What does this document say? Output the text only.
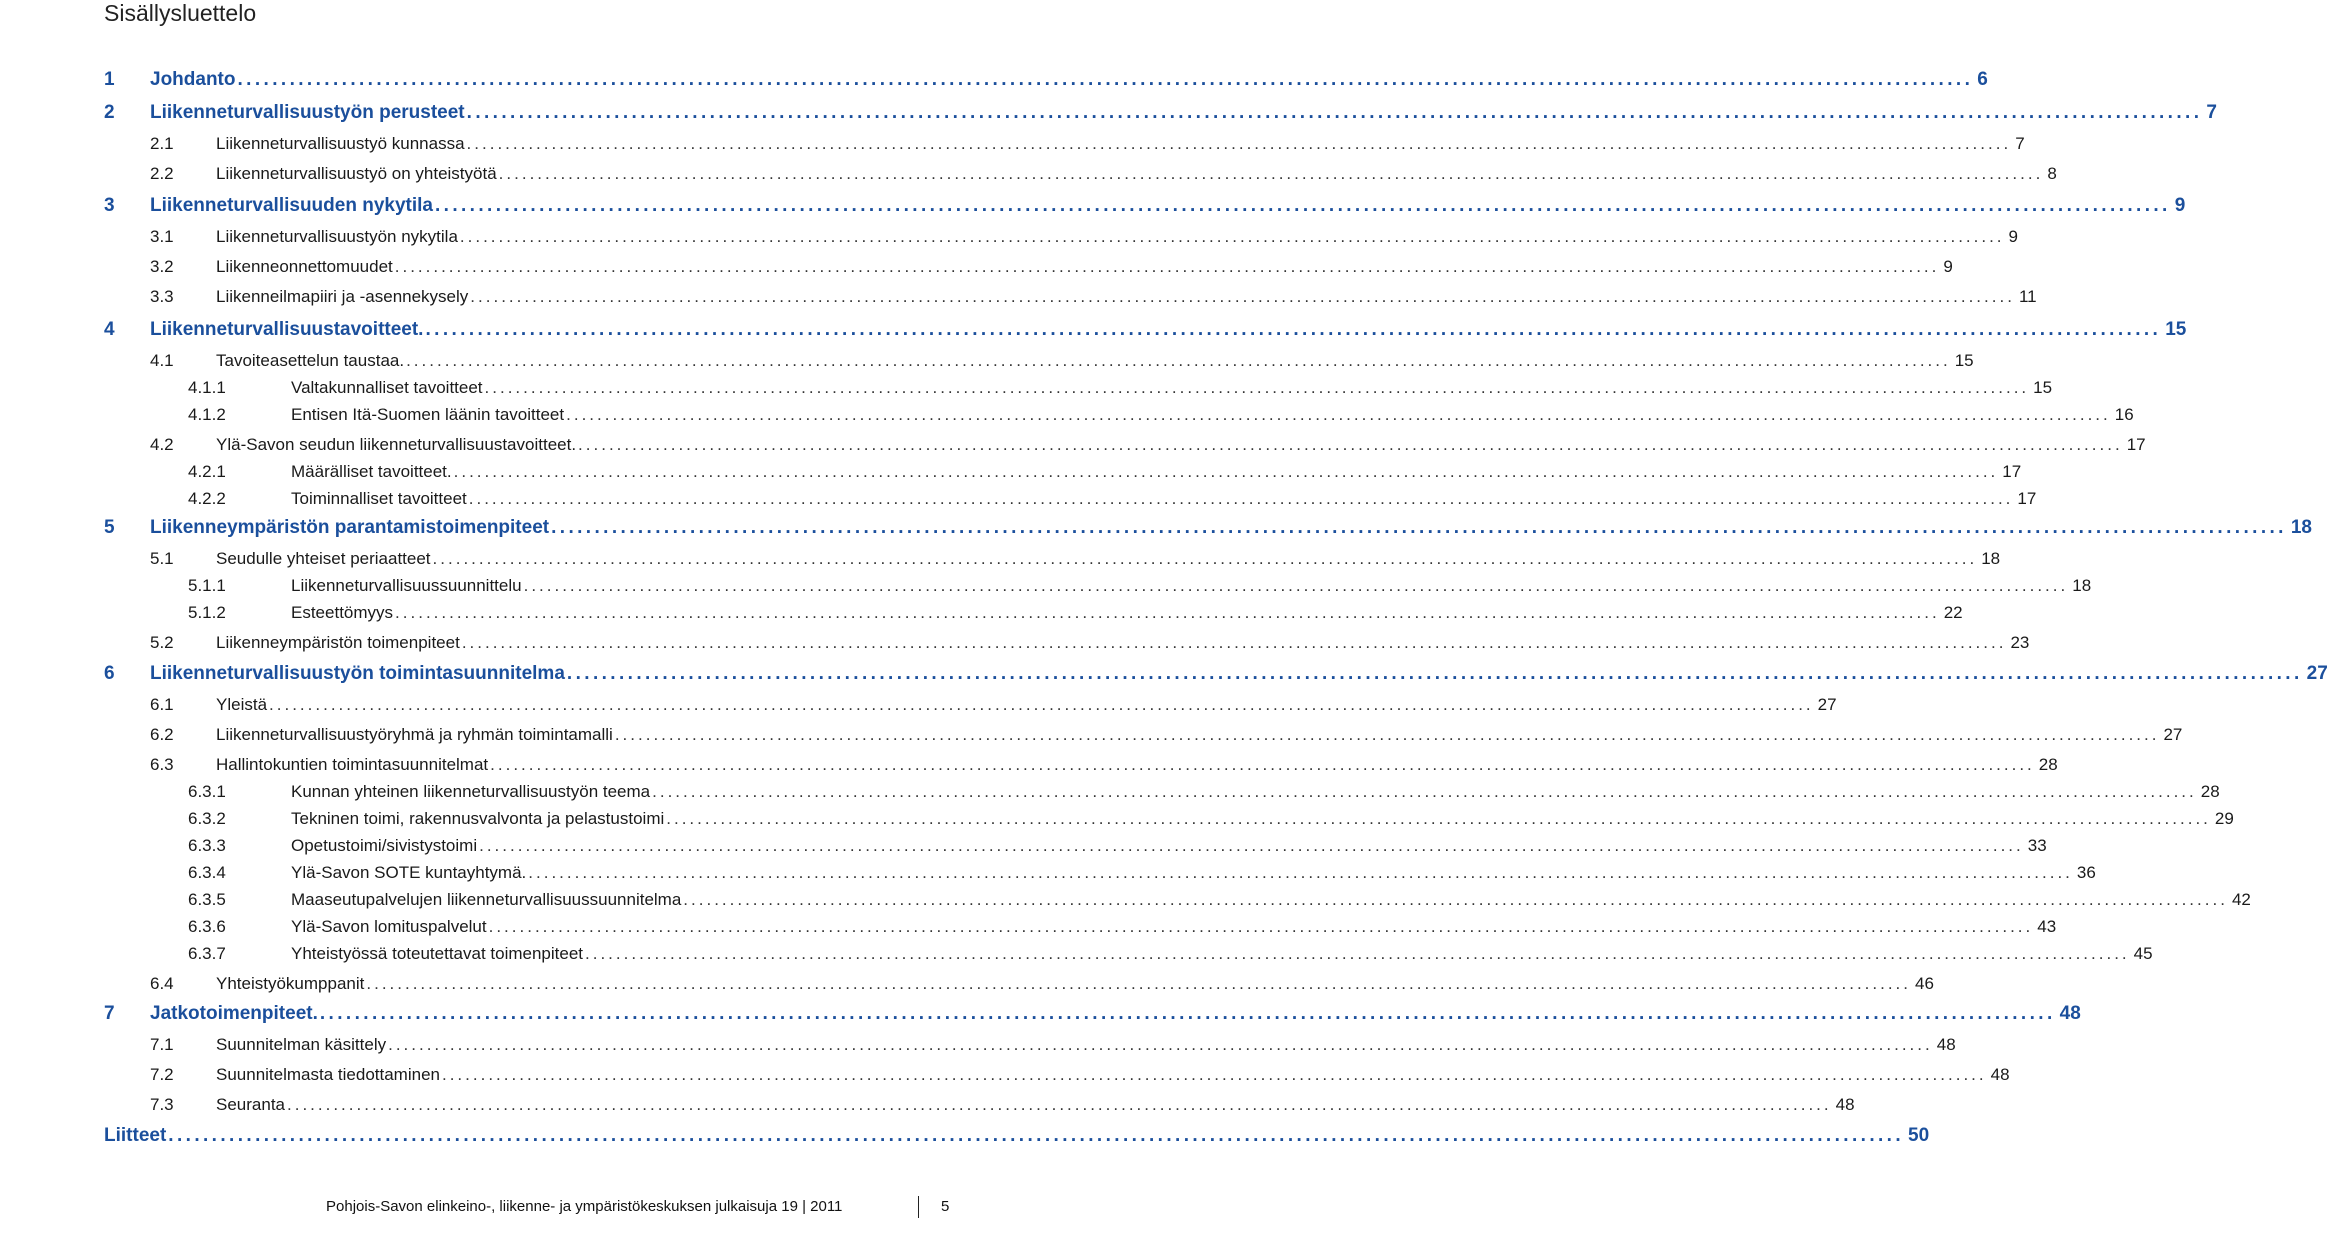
Sisällysluettelo
1 Johdanto ........................................................................................................................................................................................................ 6
2 Liikenneturvallisuustyön perusteet ........................................................................................................................................................................................................ 7
2.1 Liikenneturvallisuustyö kunnassa ........................................................................................................................................................................................................ 7
2.2 Liikenneturvallisuustyö on yhteistyötä ........................................................................................................................................................................................................ 8
3 Liikenneturvallisuuden nykytila ........................................................................................................................................................................................................ 9
3.1 Liikenneturvallisuustyön nykytila ........................................................................................................................................................................................................ 9
3.2 Liikenneonnettomuudet ........................................................................................................................................................................................................ 9
3.3 Liikenneilmapiiri ja -asennekysely ........................................................................................................................................................................................................ 11
4 Liikenneturvallisuustavoitteet. ........................................................................................................................................................................................................ 15
4.1 Tavoiteasettelun taustaa. ........................................................................................................................................................................................................ 15
4.1.1	Valtakunnalliset tavoitteet ........................................................................................................................................................................................................ 15
4.1.2	Entisen Itä-Suomen läänin tavoitteet ........................................................................................................................................................................................................ 16
4.2 Ylä-Savon seudun liikenneturvallisuustavoitteet. ........................................................................................................................................................................................................ 17
4.2.1	Määrälliset tavoitteet. ........................................................................................................................................................................................................ 17
4.2.2	Toiminnalliset tavoitteet ........................................................................................................................................................................................................ 17
5 Liikenneympäristön parantamistoimenpiteet ........................................................................................................................................................................................................ 18
5.1 Seudulle yhteiset periaatteet ........................................................................................................................................................................................................ 18
5.1.1	Liikenneturvallisuussuunnittelu ........................................................................................................................................................................................................ 18
5.1.2	Esteettömyys ........................................................................................................................................................................................................ 22
5.2 Liikenneympäristön toimenpiteet ........................................................................................................................................................................................................ 23
6 Liikenneturvallisuustyön toimintasuunnitelma ........................................................................................................................................................................................................ 27
6.1 Yleistä ........................................................................................................................................................................................................ 27
6.2 Liikenneturvallisuustyöryhmä ja ryhmän toimintamalli ........................................................................................................................................................................................................ 27
6.3 Hallintokuntien toimintasuunnitelmat ........................................................................................................................................................................................................ 28
6.3.1	Kunnan yhteinen liikenneturvallisuustyön teema ........................................................................................................................................................................................................ 28
6.3.2	Tekninen toimi, rakennusvalvonta ja pelastustoimi ........................................................................................................................................................................................................ 29
6.3.3	Opetustoimi/sivistystoimi ........................................................................................................................................................................................................ 33
6.3.4	Ylä-Savon SOTE kuntayhtymä. ........................................................................................................................................................................................................ 36
6.3.5	Maaseutupalvelujen liikenneturvallisuussuunnitelma ........................................................................................................................................................................................................ 42
6.3.6	Ylä-Savon lomituspalvelut ........................................................................................................................................................................................................ 43
6.3.7	Yhteistyössä toteutettavat toimenpiteet ........................................................................................................................................................................................................ 45
6.4 Yhteistyökumppanit ........................................................................................................................................................................................................ 46
7 Jatkotoimenpiteet. ........................................................................................................................................................................................................ 48
7.1 Suunnitelman käsittely ........................................................................................................................................................................................................ 48
7.2 Suunnitelmasta tiedottaminen ........................................................................................................................................................................................................ 48
7.3 Seuranta ........................................................................................................................................................................................................ 48
Liitteet ........................................................................................................................................................................................................ 50
Pohjois-Savon elinkeino-, liikenne- ja ympäristökeskuksen julkaisuja 19 | 2011	5
